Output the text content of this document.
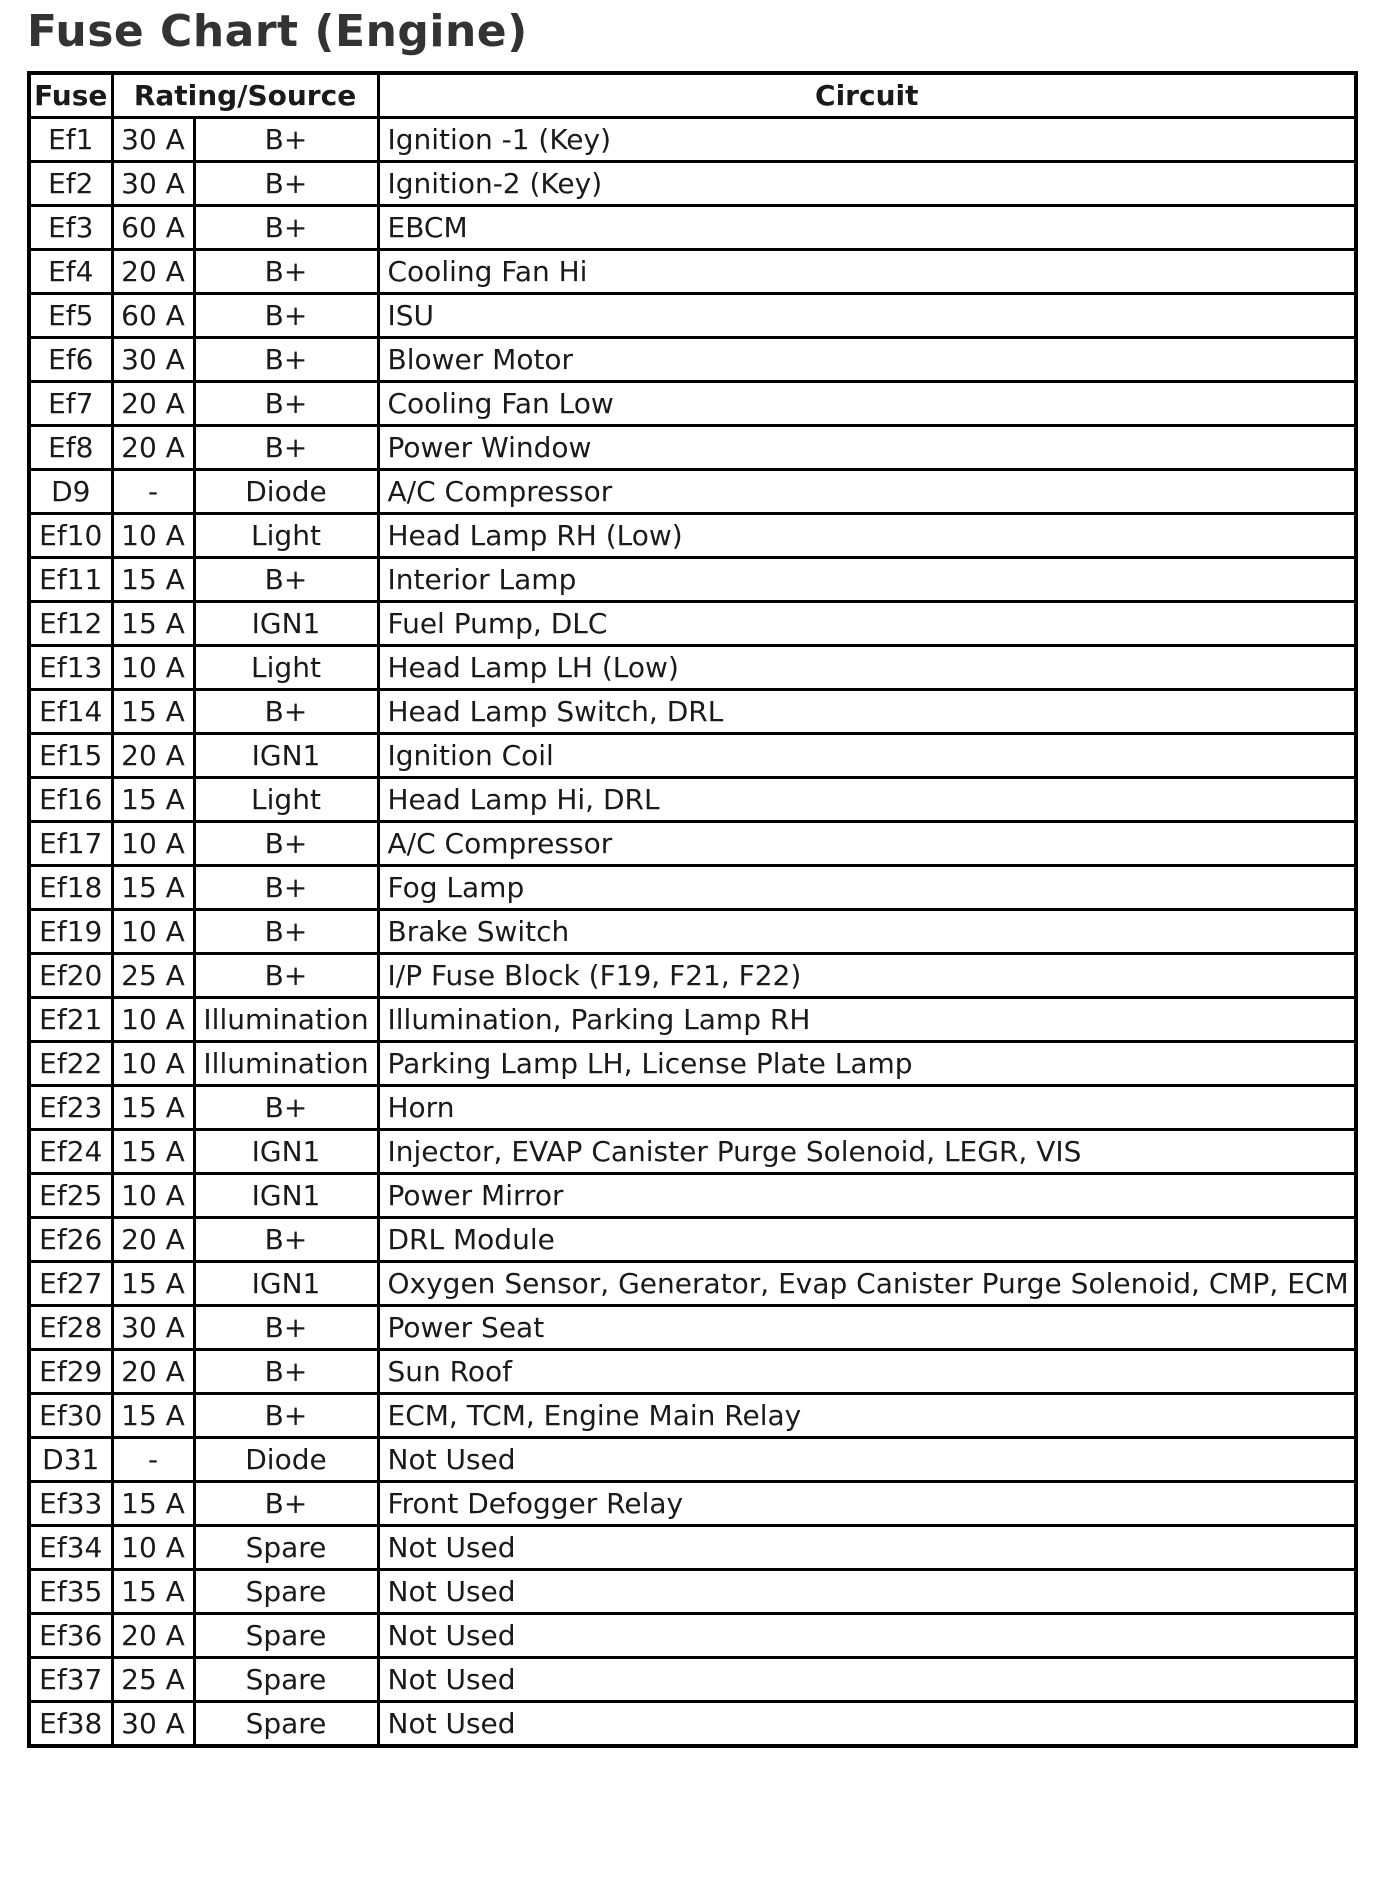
Fuse Chart (Engine)
Fuse	Rating/Source		Circuit
Ef1	30 A	B+	Ignition -1 (Key)
Ef2	30 A	B+	Ignition-2 (Key)
Ef3	60 A	B+	EBCM
Ef4	20 A	B+	Cooling Fan Hi
Ef5	60 A	B+	ISU
Ef6	30 A	B+	Blower Motor
Ef7	20 A	B+	Cooling Fan Low
Ef8	20 A	B+	Power Window
D9	-	Diode	A/C Compressor
Ef10	10 A	Light	Head Lamp RH (Low)
Ef11	15 A	B+	Interior Lamp
Ef12	15 A	IGN1	Fuel Pump, DLC
Ef13	10 A	Light	Head Lamp LH (Low)
Ef14	15 A	B+	Head Lamp Switch, DRL
Ef15	20 A	IGN1	Ignition Coil
Ef16	15 A	Light	Head Lamp Hi, DRL
Ef17	10 A	B+	A/C Compressor
Ef18	15 A	B+	Fog Lamp
Ef19	10 A	B+	Brake Switch
Ef20	25 A	B+	I/P Fuse Block (F19, F21, F22)
Ef21	10 A	Illumination	Illumination, Parking Lamp RH
Ef22	10 A	Illumination	Parking Lamp LH, License Plate Lamp
Ef23	15 A	B+	Horn
Ef24	15 A	IGN1	Injector, EVAP Canister Purge Solenoid, LEGR, VIS
Ef25	10 A	IGN1	Power Mirror
Ef26	20 A	B+	DRL Module
Ef27	15 A	IGN1	Oxygen Sensor, Generator, Evap Canister Purge Solenoid, CMP, ECM
Ef28	30 A	B+	Power Seat
Ef29	20 A	B+	Sun Roof
Ef30	15 A	B+	ECM, TCM, Engine Main Relay
D31	-	Diode	Not Used
Ef33	15 A	B+	Front Defogger Relay
Ef34	10 A	Spare	Not Used
Ef35	15 A	Spare	Not Used
Ef36	20 A	Spare	Not Used
Ef37	25 A	Spare	Not Used
Ef38	30 A	Spare	Not Used
